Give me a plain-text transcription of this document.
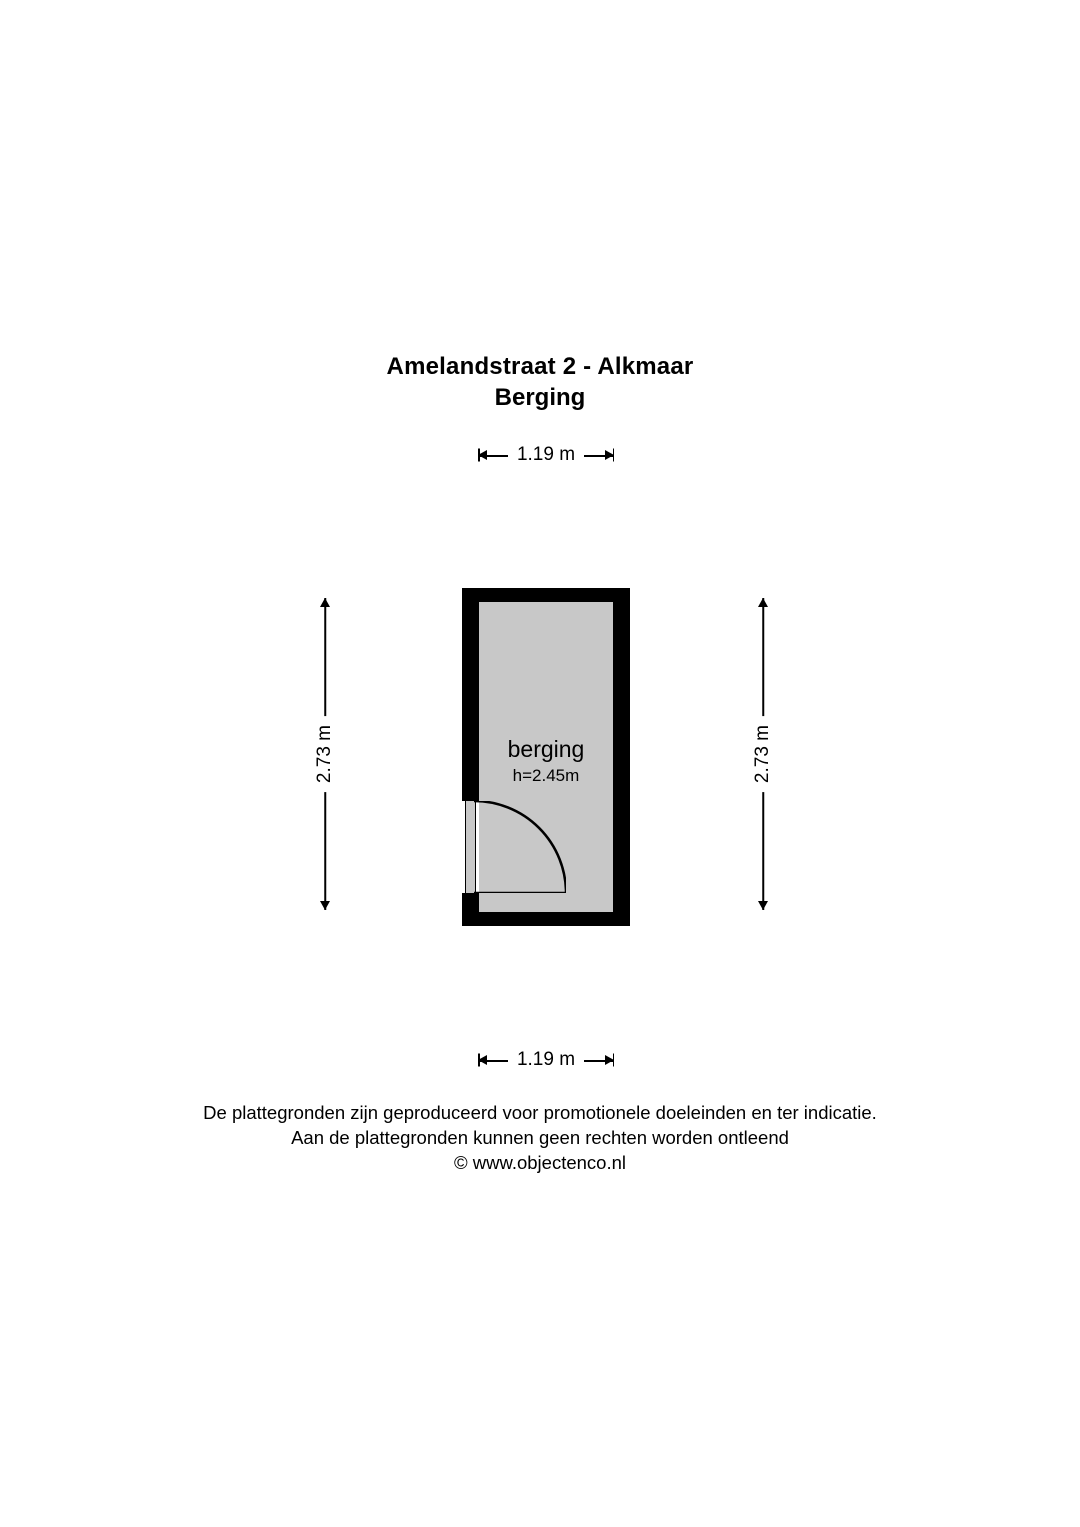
Amelandstraat 2 - Alkmaar
Berging
1.19 m
2.73 m	2.73 m
berging
h=2.45m
1.19 m
De plattegronden zijn geproduceerd voor promotionele doeleinden en ter indicatie.
Aan de plattegronden kunnen geen rechten worden ontleend
© www.objectenco.nl
